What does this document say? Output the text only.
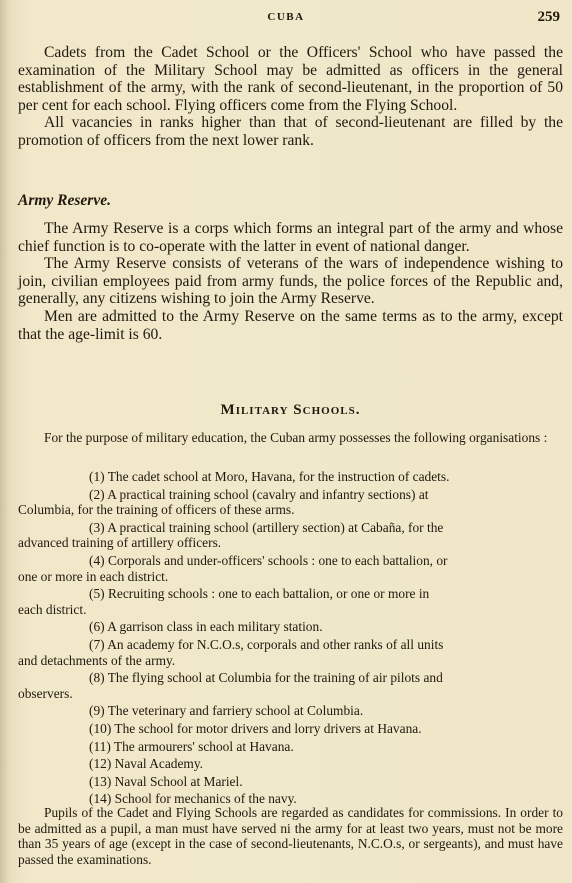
CUBA	259

Cadets from the Cadet School or the Officers' School who have passed the examination of the Military School may be admitted as officers in the general establishment of the army, with the rank of second-lieutenant, in the proportion of 50 per cent for each school. Flying officers come from the Flying School.

All vacancies in ranks higher than that of second-lieutenant are filled by the promotion of officers from the next lower rank.

Army Reserve.

The Army Reserve is a corps which forms an integral part of the army and whose chief function is to co-operate with the latter in event of national danger.

The Army Reserve consists of veterans of the wars of independence wishing to join, civilian employees paid from army funds, the police forces of the Republic and, generally, any citizens wishing to join the Army Reserve.

Men are admitted to the Army Reserve on the same terms as to the army, except that the age-limit is 60.

Military Schools.

For the purpose of military education, the Cuban army possesses the following organisations :

(1) The cadet school at Moro, Havana, for the instruction of cadets.
(2) A practical training school (cavalry and infantry sections) at
Columbia, for the training of officers of these arms.
(3) A practical training school (artillery section) at Cabaña, for the
advanced training of artillery officers.
(4) Corporals and under-officers' schools : one to each battalion, or
one or more in each district.
(5) Recruiting schools : one to each battalion, or one or more in
each district.
(6) A garrison class in each military station.
(7) An academy for N.C.O.s, corporals and other ranks of all units
and detachments of the army.
(8) The flying school at Columbia for the training of air pilots and
observers.
(9) The veterinary and farriery school at Columbia.
(10) The school for motor drivers and lorry drivers at Havana.
(11) The armourers' school at Havana.
(12) Naval Academy.
(13) Naval School at Mariel.
(14) School for mechanics of the navy.

Pupils of the Cadet and Flying Schools are regarded as candidates for commissions. In order to be admitted as a pupil, a man must have served ni the army for at least two years, must not be more than 35 years of age (except in the case of second-lieutenants, N.C.O.s, or sergeants), and must have passed the examinations.
